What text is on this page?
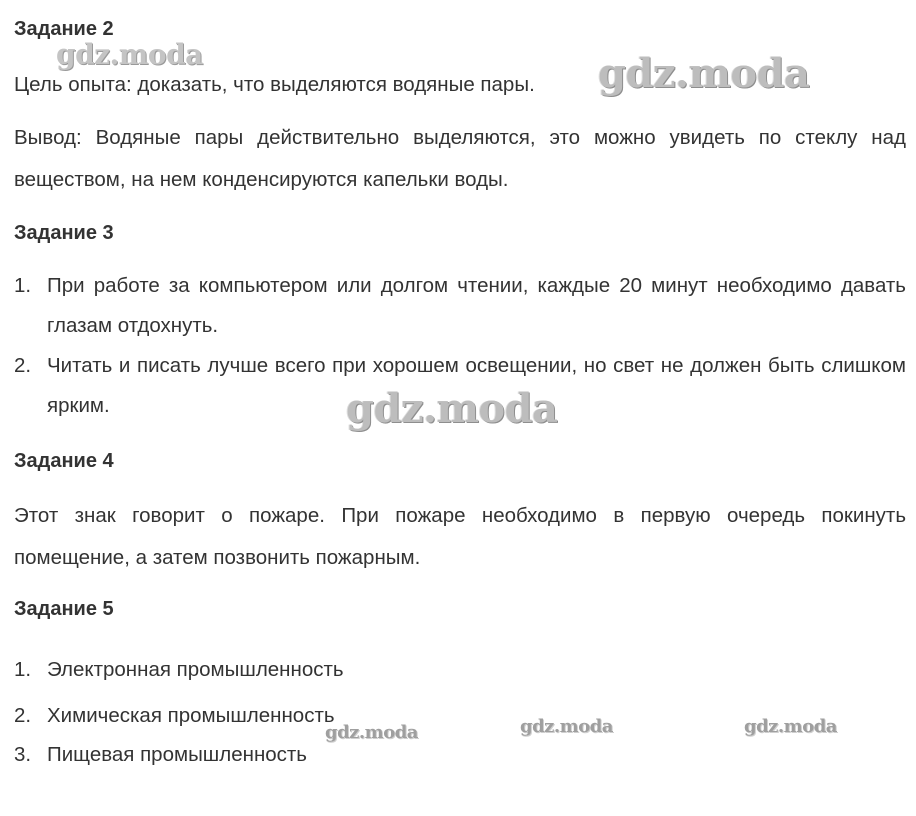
Задание 2
Цель опыта: доказать, что выделяются водяные пары.
Вывод: Водяные пары действительно выделяются, это можно увидеть по стеклу над веществом, на нем конденсируются капельки воды.
Задание 3
1. При работе за компьютером или долгом чтении, каждые 20 минут необходимо давать глазам отдохнуть.
2. Читать и писать лучше всего при хорошем освещении, но свет не должен быть слишком ярким.
Задание 4
Этот знак говорит о пожаре. При пожаре необходимо в первую очередь покинуть помещение, а затем позвонить пожарным.
Задание 5
1. Электронная промышленность
2. Химическая промышленность
3. Пищевая промышленность
gdz.moda	gdz.moda
gdz.moda
gdz.moda	gdz.moda	gdz.moda
